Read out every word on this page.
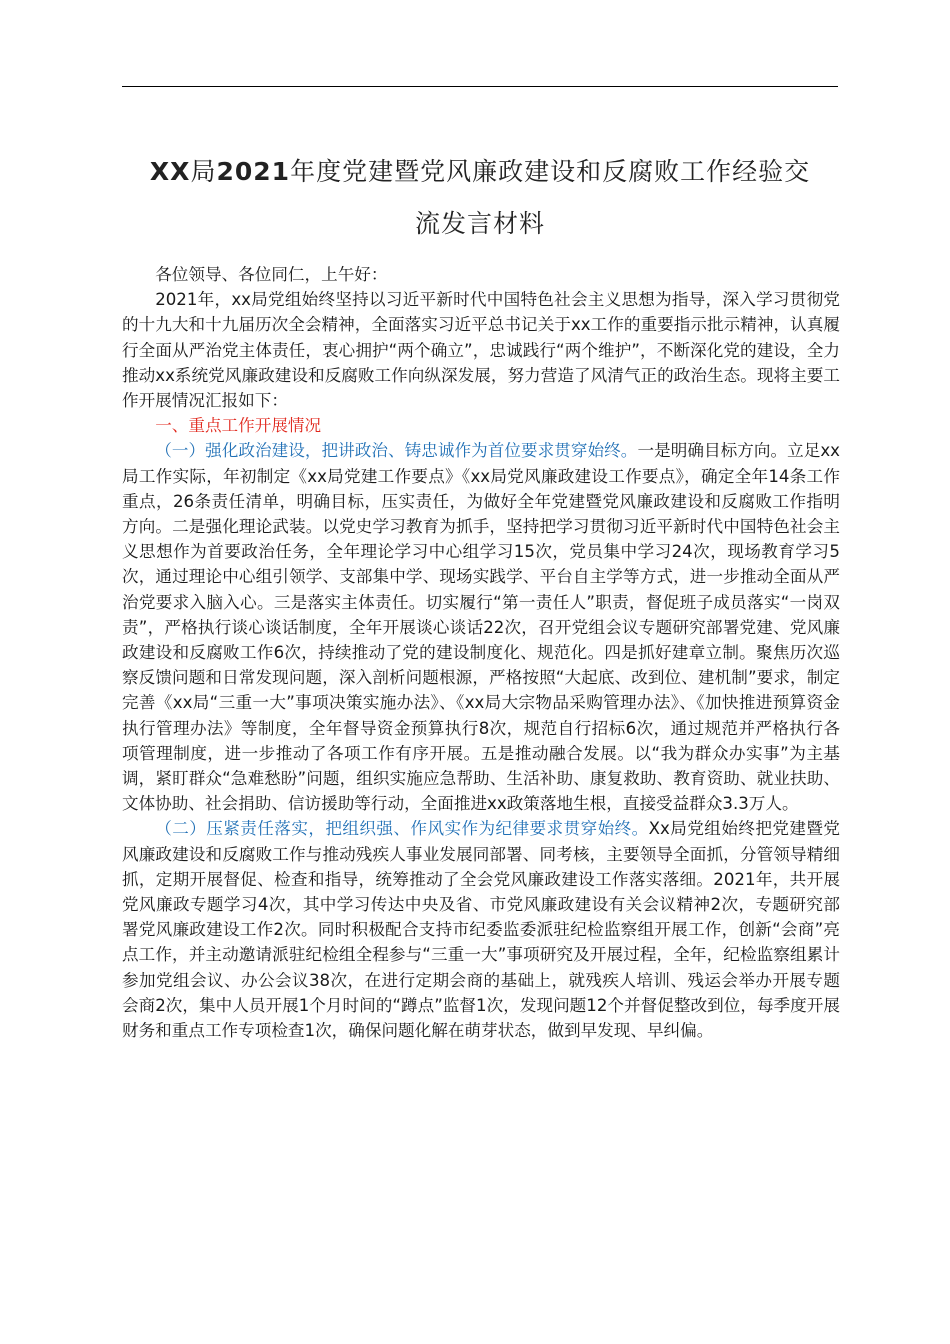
XX局2021年度党建暨党风廉政建设和反腐败工作经验交
流发言材料

各位领导、各位同仁，上午好：

2021年，xx局党组始终坚持以习近平新时代中国特色社会主义思想为指导，深入学习贯彻党的十九大和十九届历次全会精神，全面落实习近平总书记关于xx工作的重要指示批示精神，认真履行全面从严治党主体责任，衷心拥护“两个确立”，忠诚践行“两个维护”，不断深化党的建设，全力推动xx系统党风廉政建设和反腐败工作向纵深发展，努力营造了风清气正的政治生态。现将主要工作开展情况汇报如下：

一、重点工作开展情况

（一）强化政治建设，把讲政治、铸忠诚作为首位要求贯穿始终。一是明确目标方向。立足xx局工作实际，年初制定《xx局党建工作要点》《xx局党风廉政建设工作要点》，确定全年14条工作重点，26条责任清单，明确目标，压实责任，为做好全年党建暨党风廉政建设和反腐败工作指明方向。二是强化理论武装。以党史学习教育为抓手，坚持把学习贯彻习近平新时代中国特色社会主义思想作为首要政治任务，全年理论学习中心组学习15次，党员集中学习24次，现场教育学习5次，通过理论中心组引领学、支部集中学、现场实践学、平台自主学等方式，进一步推动全面从严治党要求入脑入心。三是落实主体责任。切实履行“第一责任人”职责，督促班子成员落实“一岗双责”，严格执行谈心谈话制度，全年开展谈心谈话22次，召开党组会议专题研究部署党建、党风廉政建设和反腐败工作6次，持续推动了党的建设制度化、规范化。四是抓好建章立制。聚焦历次巡察反馈问题和日常发现问题，深入剖析问题根源，严格按照“大起底、改到位、建机制”要求，制定完善《xx局“三重一大”事项决策实施办法》、《xx局大宗物品采购管理办法》、《加快推进预算资金执行管理办法》等制度，全年督导资金预算执行8次，规范自行招标6次，通过规范并严格执行各项管理制度，进一步推动了各项工作有序开展。五是推动融合发展。以“我为群众办实事”为主基调，紧盯群众“急难愁盼”问题，组织实施应急帮助、生活补助、康复救助、教育资助、就业扶助、文体协助、社会捐助、信访援助等行动，全面推进xx政策落地生根，直接受益群众3.3万人。

（二）压紧责任落实，把组织强、作风实作为纪律要求贯穿始终。Xx局党组始终把党建暨党风廉政建设和反腐败工作与推动残疾人事业发展同部署、同考核，主要领导全面抓，分管领导精细抓，定期开展督促、检查和指导，统筹推动了全会党风廉政建设工作落实落细。2021年，共开展党风廉政专题学习4次，其中学习传达中央及省、市党风廉政建设有关会议精神2次，专题研究部署党风廉政建设工作2次。同时积极配合支持市纪委监委派驻纪检监察组开展工作，创新“会商”亮点工作，并主动邀请派驻纪检组全程参与“三重一大”事项研究及开展过程，全年，纪检监察组累计参加党组会议、办公会议38次，在进行定期会商的基础上，就残疾人培训、残运会举办开展专题会商2次，集中人员开展1个月时间的“蹲点”监督1次，发现问题12个并督促整改到位，每季度开展财务和重点工作专项检查1次，确保问题化解在萌芽状态，做到早发现、早纠偏。
